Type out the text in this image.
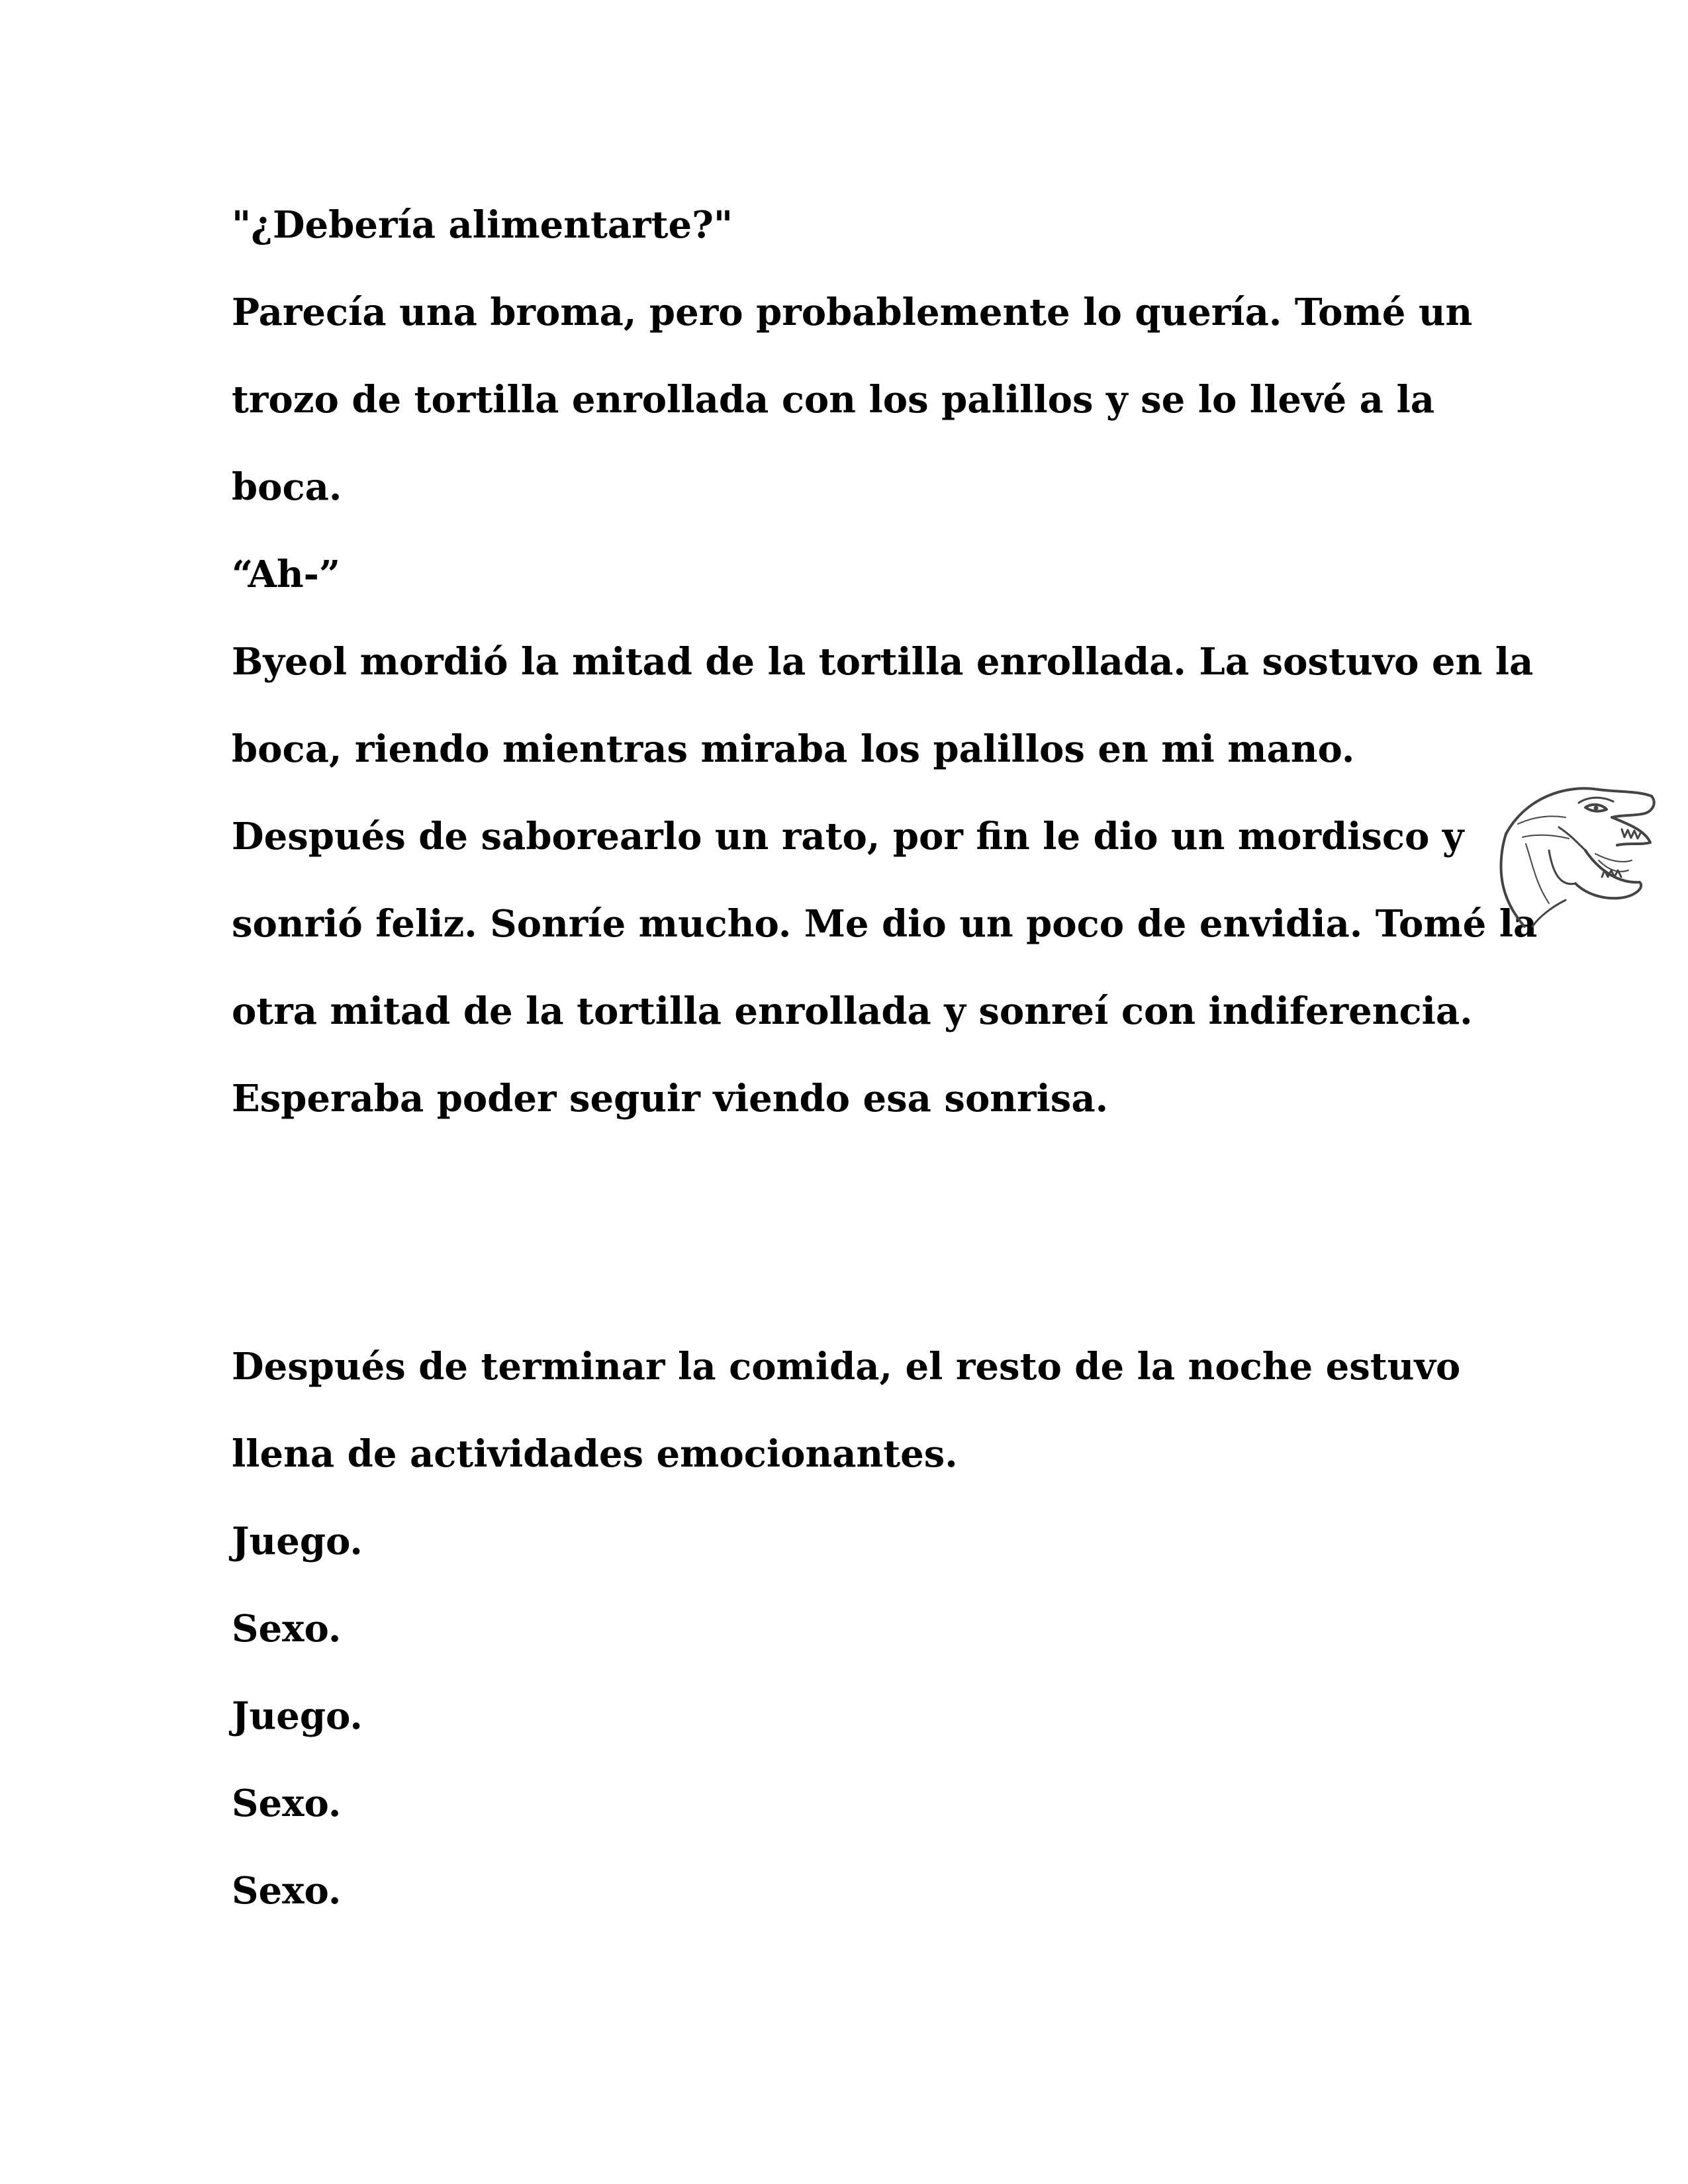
"¿Debería alimentarte?"
Parecía una broma, pero probablemente lo quería. Tomé un
trozo de tortilla enrollada con los palillos y se lo llevé a la
boca.
“Ah-”
Byeol mordió la mitad de la tortilla enrollada. La sostuvo en la
boca, riendo mientras miraba los palillos en mi mano.
Después de saborearlo un rato, por fin le dio un mordisco y
sonrió feliz. Sonríe mucho. Me dio un poco de envidia. Tomé la
otra mitad de la tortilla enrollada y sonreí con indiferencia.
Esperaba poder seguir viendo esa sonrisa.
Después de terminar la comida, el resto de la noche estuvo
llena de actividades emocionantes.
Juego.
Sexo.
Juego.
Sexo.
Sexo.
